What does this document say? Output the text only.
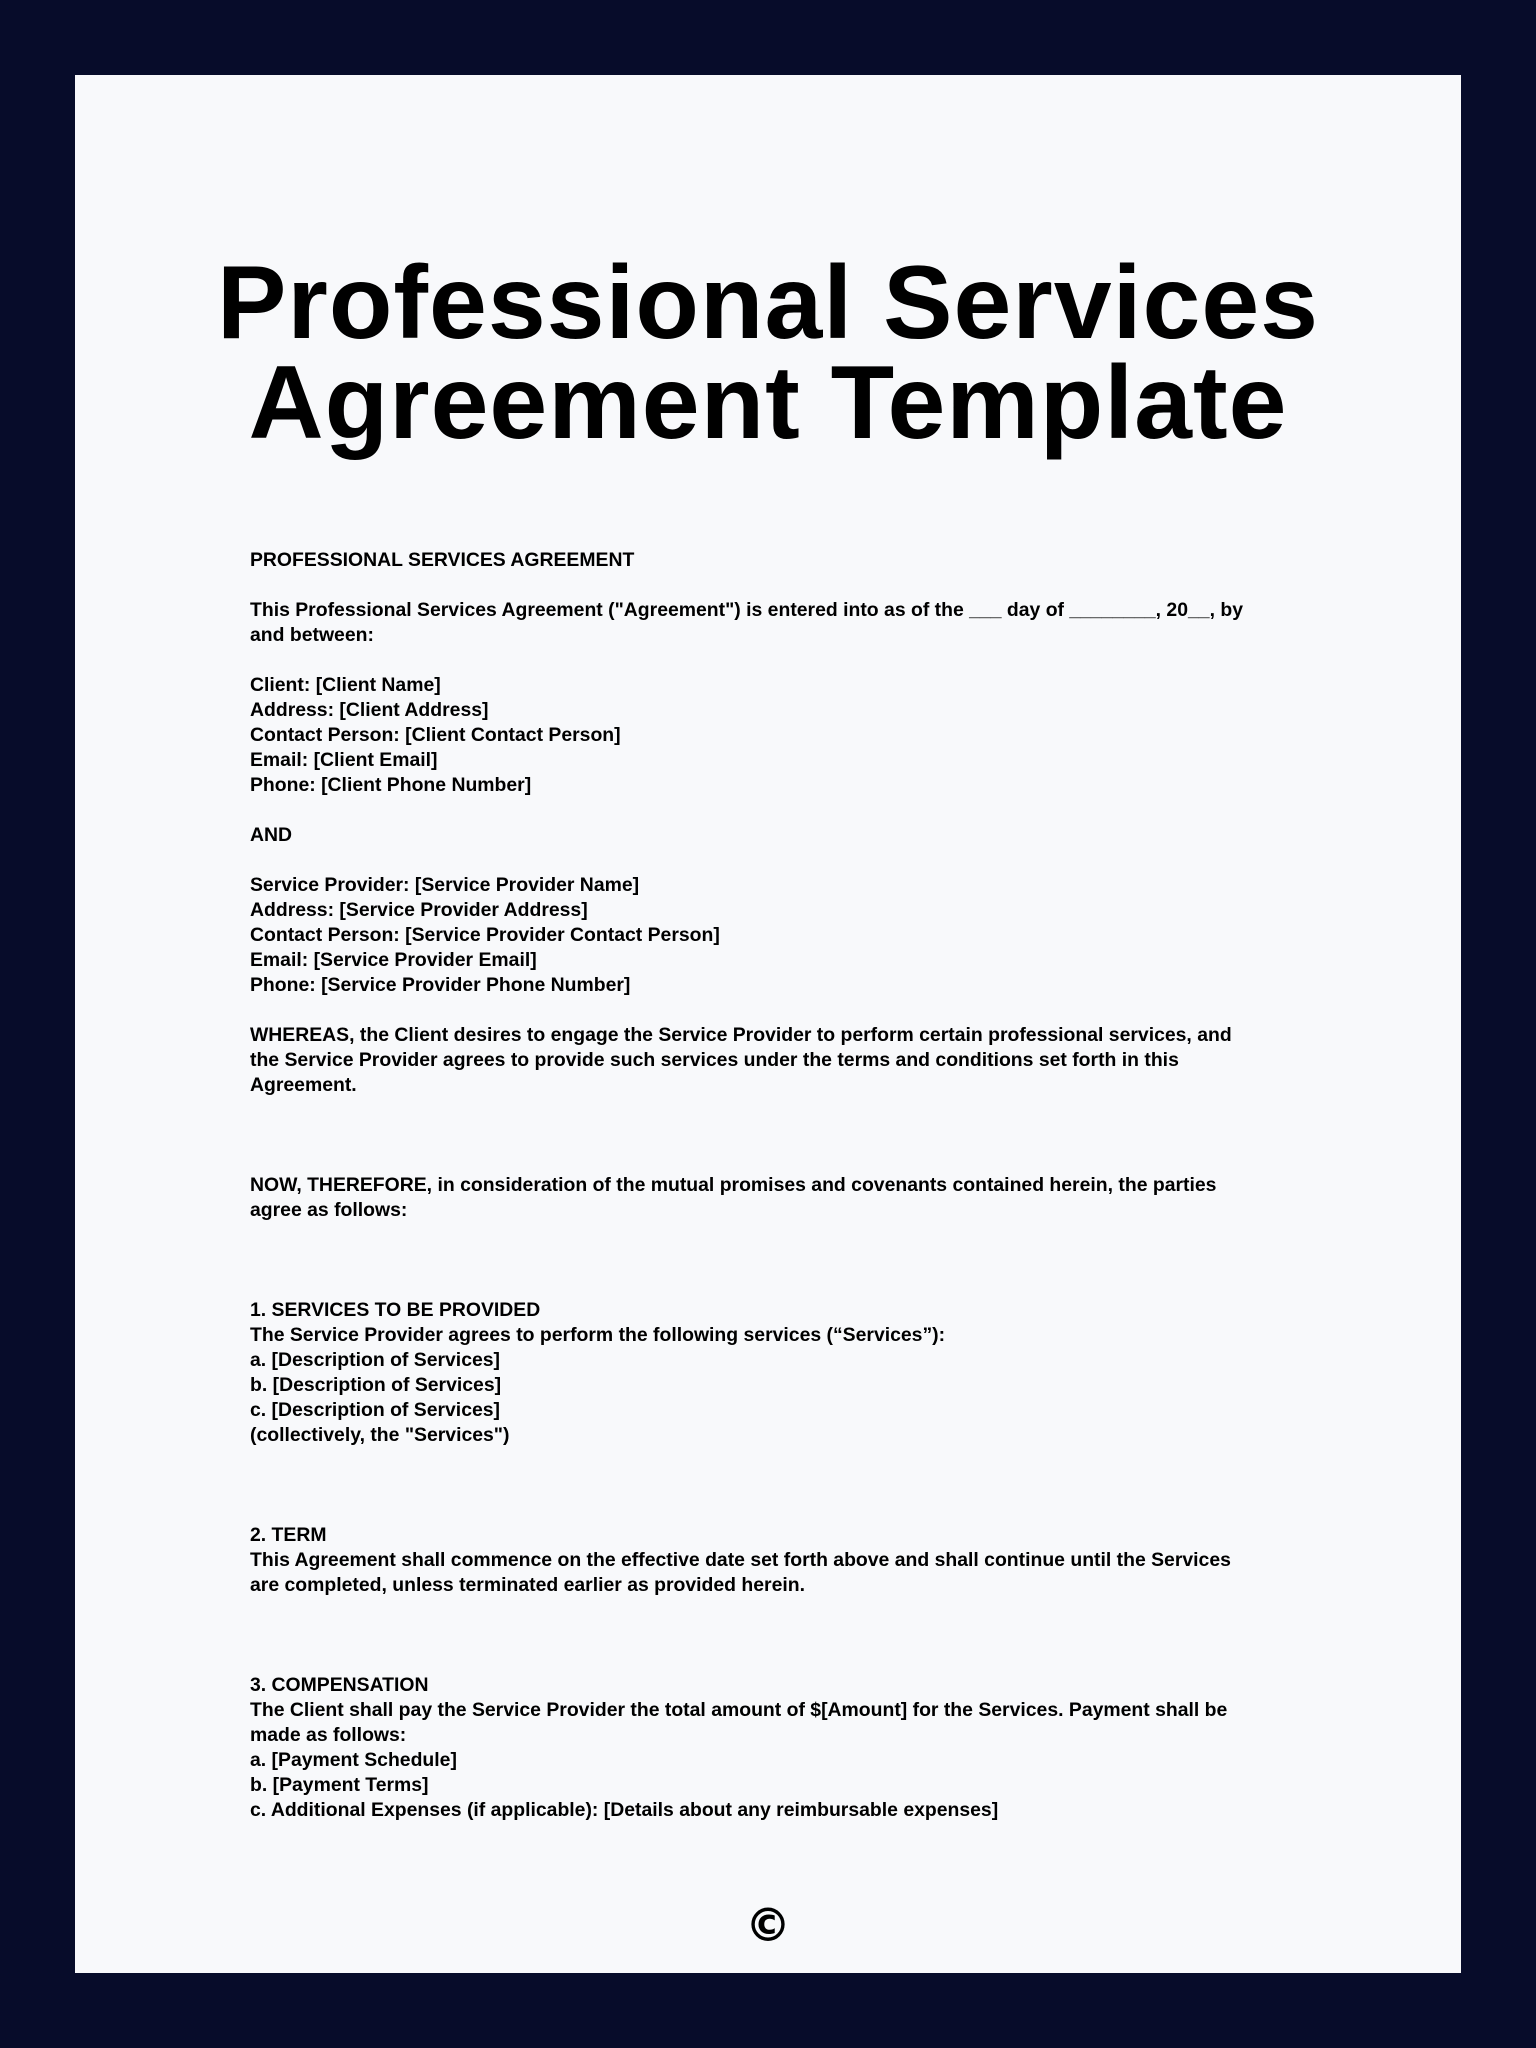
Professional Services
Agreement Template

PROFESSIONAL SERVICES AGREEMENT

This Professional Services Agreement ("Agreement") is entered into as of the ___ day of ________, 20__, by
and between:

Client: [Client Name]
Address: [Client Address]
Contact Person: [Client Contact Person]
Email: [Client Email]
Phone: [Client Phone Number]

AND

Service Provider: [Service Provider Name]
Address: [Service Provider Address]
Contact Person: [Service Provider Contact Person]
Email: [Service Provider Email]
Phone: [Service Provider Phone Number]

WHEREAS, the Client desires to engage the Service Provider to perform certain professional services, and
the Service Provider agrees to provide such services under the terms and conditions set forth in this
Agreement.

NOW, THEREFORE, in consideration of the mutual promises and covenants contained herein, the parties
agree as follows:

1. SERVICES TO BE PROVIDED
The Service Provider agrees to perform the following services (“Services”):
a. [Description of Services]
b. [Description of Services]
c. [Description of Services]
(collectively, the "Services")

2. TERM
This Agreement shall commence on the effective date set forth above and shall continue until the Services
are completed, unless terminated earlier as provided herein.

3. COMPENSATION
The Client shall pay the Service Provider the total amount of $[Amount] for the Services. Payment shall be
made as follows:
a. [Payment Schedule]
b. [Payment Terms]
c. Additional Expenses (if applicable): [Details about any reimbursable expenses]

©
